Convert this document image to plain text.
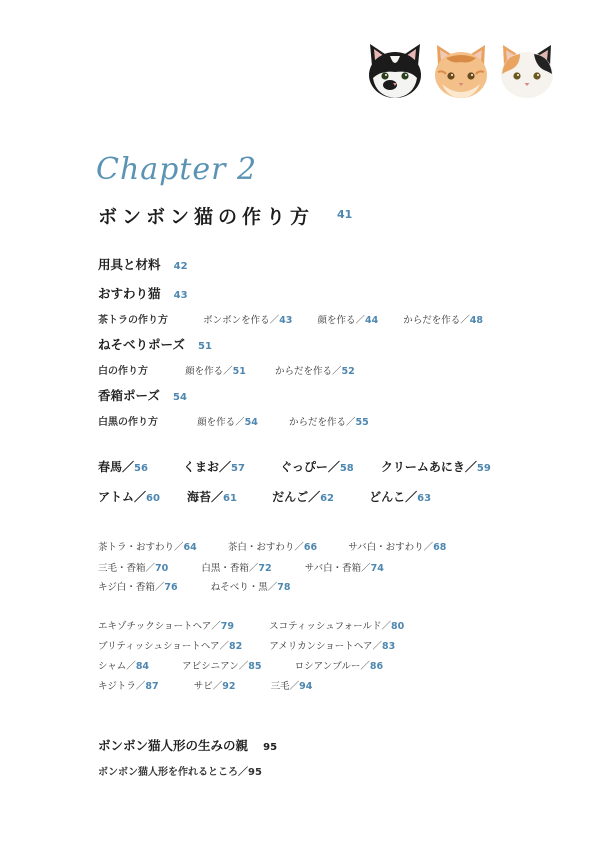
Chapter 2
ボンボン猫の作り方 41
用具と材料 42
おすわり猫 43
茶トラの作り方	ボンボンを作る／43	顔を作る／44	からだを作る／48
ねそべりポーズ 51
白の作り方	顔を作る／51	からだを作る／52
香箱ポーズ 54
白黒の作り方	顔を作る／54	からだを作る／55
春馬／56	くまお／57	ぐっぴー／58 クリームあにき／59
アトム／60 海苔／61	だんご／62	どんこ／63
茶トラ・おすわり／64	茶白・おすわり／66	サバ白・おすわり／68
三毛・香箱／70	白黒・香箱／72	サバ白・香箱／74
キジ白・香箱／76	ねそべり・黒／78
エキゾチックショートヘア／79	スコティッシュフォールド／80
ブリティッシュショートヘア／82	アメリカンショートヘア／83
シャム／84	アビシニアン／85	ロシアンブルー／86
キジトラ／87	サビ／92	三毛／94
ボンボン猫人形の生みの親 95
ボンボン猫人形を作れるところ／95
